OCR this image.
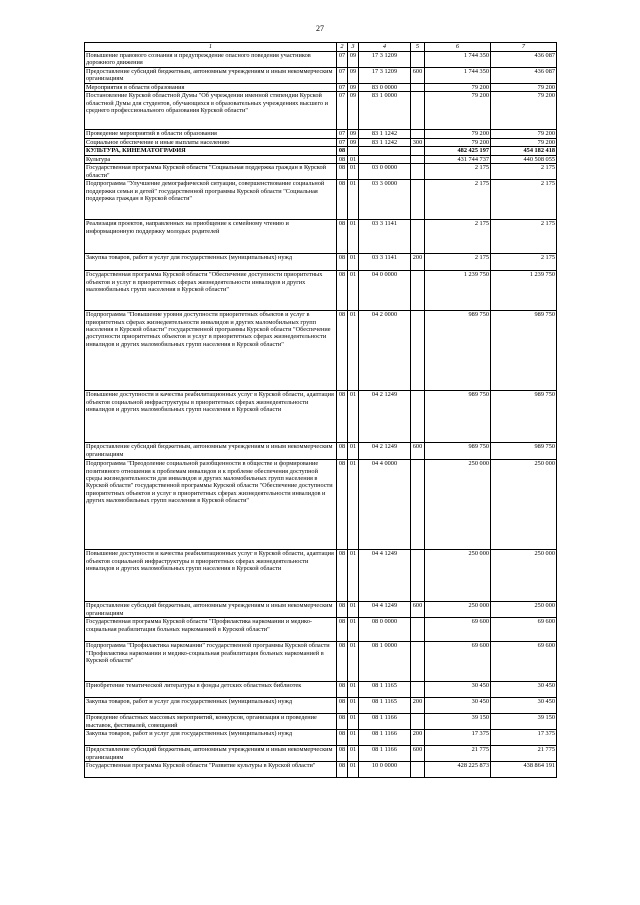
27
1	2	3	4	5	6	7
Повышение правового сознания и предупреждение опасного поведения участников дорожного движения	07	09	17 3 1209		1 744 350	436 087
Предоставление субсидий бюджетным, автономным учреждениям и иным некоммерческим организациям	07	09	17 3 1209	600	1 744 350	436 087
Мероприятия в области образования	07	09	83 0 0000		79 200	79 200
Постановление Курской областной Думы "Об учреждении именной стипендии Курской областной Думы для студентов, обучающихся в образовательных учреждениях высшего и среднего профессионального образования Курской области"	07	09	83 1 0000		79 200	79 200
Проведение мероприятий в области образования	07	09	83 1 1242		79 200	79 200
Социальное обеспечение и иные выплаты населению	07	09	83 1 1242	300	79 200	79 200
КУЛЬТУРА, КИНЕМАТОГРАФИЯ	08				482 425 197	454 182 418
Культура	08	01			431 744 737	440 508 055
Государственная программа Курской области "Социальная поддержка граждан в Курской области"	08	01	03 0 0000		2 175	2 175
Подпрограмма "Улучшение демографической ситуации, совершенствование социальной поддержки семьи и детей" государственной программы Курской области "Социальная поддержка граждан в Курской области"	08	01	03 3 0000		2 175	2 175
Реализация проектов, направленных на приобщение к семейному чтению и информационную поддержку молодых родителей	08	01	03 3 1141		2 175	2 175
Закупка товаров, работ и услуг для государственных (муниципальных) нужд	08	01	03 3 1141	200	2 175	2 175
Государственная программа Курской области "Обеспечение доступности приоритетных объектов и услуг в приоритетных сферах жизнедеятельности инвалидов и других маломобильных групп населения в Курской области"	08	01	04 0 0000		1 239 750	1 239 750
Подпрограмма "Повышение уровня доступности приоритетных объектов и услуг в приоритетных сферах жизнедеятельности инвалидов и других маломобильных групп населения в Курской области" государственной программы Курской области "Обеспечение доступности приоритетных объектов и услуг в приоритетных сферах жизнедеятельности инвалидов и других маломобильных групп населения в Курской области"	08	01	04 2 0000		989 750	989 750
Повышение доступности и качества реабилитационных услуг в Курской области, адаптация объектов социальной инфраструктуры в приоритетных сферах жизнедеятельности инвалидов и других маломобильных групп населения в Курской области	08	01	04 2 1249		989 750	989 750
Предоставление субсидий бюджетным, автономным учреждениям и иным некоммерческим организациям	08	01	04 2 1249	600	989 750	989 750
Подпрограмма "Преодоление социальной разобщенности в обществе и формирование позитивного отношения к проблемам инвалидов и к проблеме обеспечения доступной среды жизнедеятельности для инвалидов и других маломобильных групп населения в Курской области" государственной программы Курской области "Обеспечение доступности приоритетных объектов и услуг в приоритетных сферах жизнедеятельности инвалидов и других маломобильных групп населения в Курской области"	08	01	04 4 0000		250 000	250 000
Повышение доступности и качества реабилитационных услуг в Курской области, адаптация объектов социальной инфраструктуры в приоритетных сферах жизнедеятельности инвалидов и других маломобильных групп населения в Курской области	08	01	04 4 1249		250 000	250 000
Предоставление субсидий бюджетным, автономным учреждениям и иным некоммерческим организациям	08	01	04 4 1249	600	250 000	250 000
Государственная программа Курской области "Профилактика наркомании и медико-социальная реабилитация больных наркоманией в Курской области"	08	01	08 0 0000		69 600	69 600
Подпрограмма "Профилактика наркомании" государственной программы Курской области "Профилактика наркомании и медико-социальная реабилитация больных наркоманией в Курской области"	08	01	08 1 0000		69 600	69 600
Приобретение тематической литературы в фонды детских областных библиотек	08	01	08 1 1165		30 450	30 450
Закупка товаров, работ и услуг для государственных (муниципальных) нужд	08	01	08 1 1165	200	30 450	30 450
Проведение областных массовых мероприятий, конкурсов, организация и проведение выставок, фестивалей, совещаний	08	01	08 1 1166		39 150	39 150
Закупка товаров, работ и услуг для государственных (муниципальных) нужд	08	01	08 1 1166	200	17 375	17 375
Предоставление субсидий бюджетным, автономным учреждениям и иным некоммерческим организациям	08	01	08 1 1166	600	21 775	21 775
Государственная программа Курской области "Развитие культуры в Курской области"	08	01	10 0 0000		428 225 873	438 864 191
